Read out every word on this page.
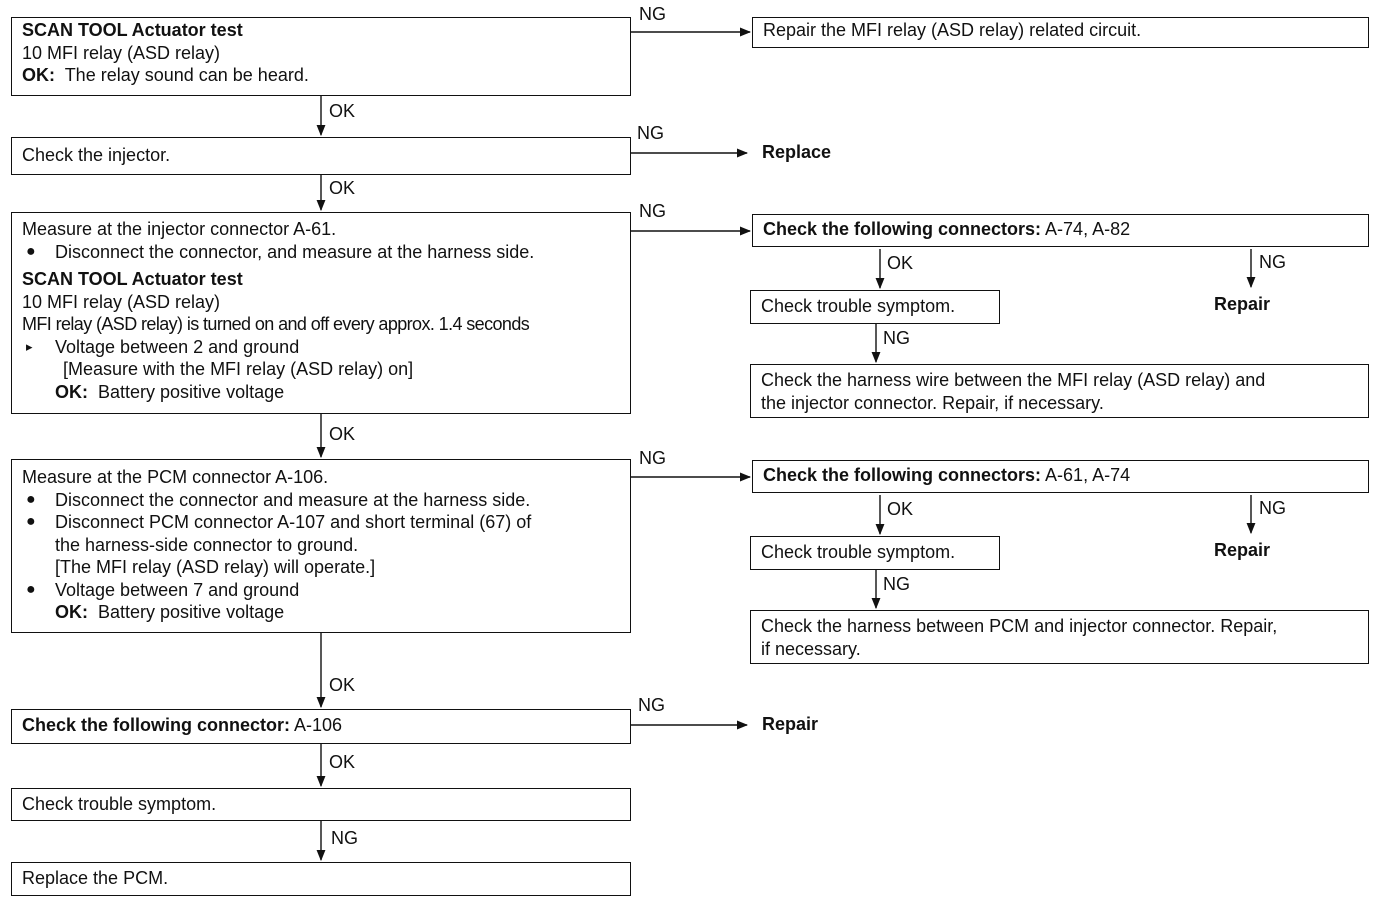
SCAN TOOL Actuator test
10 MFI relay (ASD relay)
OK: The relay sound can be heard.
NG
Repair the MFI relay (ASD relay) related circuit.
OK
Check the injector.
NG
Replace
OK
Measure at the injector connector A-61.
● Disconnect the connector, and measure at the harness side.
SCAN TOOL Actuator test
10 MFI relay (ASD relay)
MFI relay (ASD relay) is turned on and off every approx. 1.4 seconds
▸ Voltage between 2 and ground
[Measure with the MFI relay (ASD relay) on]
OK: Battery positive voltage
NG
Check the following connectors: A-74, A-82
OK	NG
Check trouble symptom.	Repair
NG
Check the harness wire between the MFI relay (ASD relay) and
the injector connector. Repair, if necessary.
OK
Measure at the PCM connector A-106.
● Disconnect the connector and measure at the harness side.
● Disconnect PCM connector A-107 and short terminal (67) of
the harness-side connector to ground.
[The MFI relay (ASD relay) will operate.]
● Voltage between 7 and ground
OK: Battery positive voltage
NG
Check the following connectors: A-61, A-74
OK	NG
Check trouble symptom.	Repair
NG
Check the harness between PCM and injector connector. Repair,
if necessary.
OK
Check the following connector: A-106
NG
Repair
OK
Check trouble symptom.
NG
Replace the PCM.
